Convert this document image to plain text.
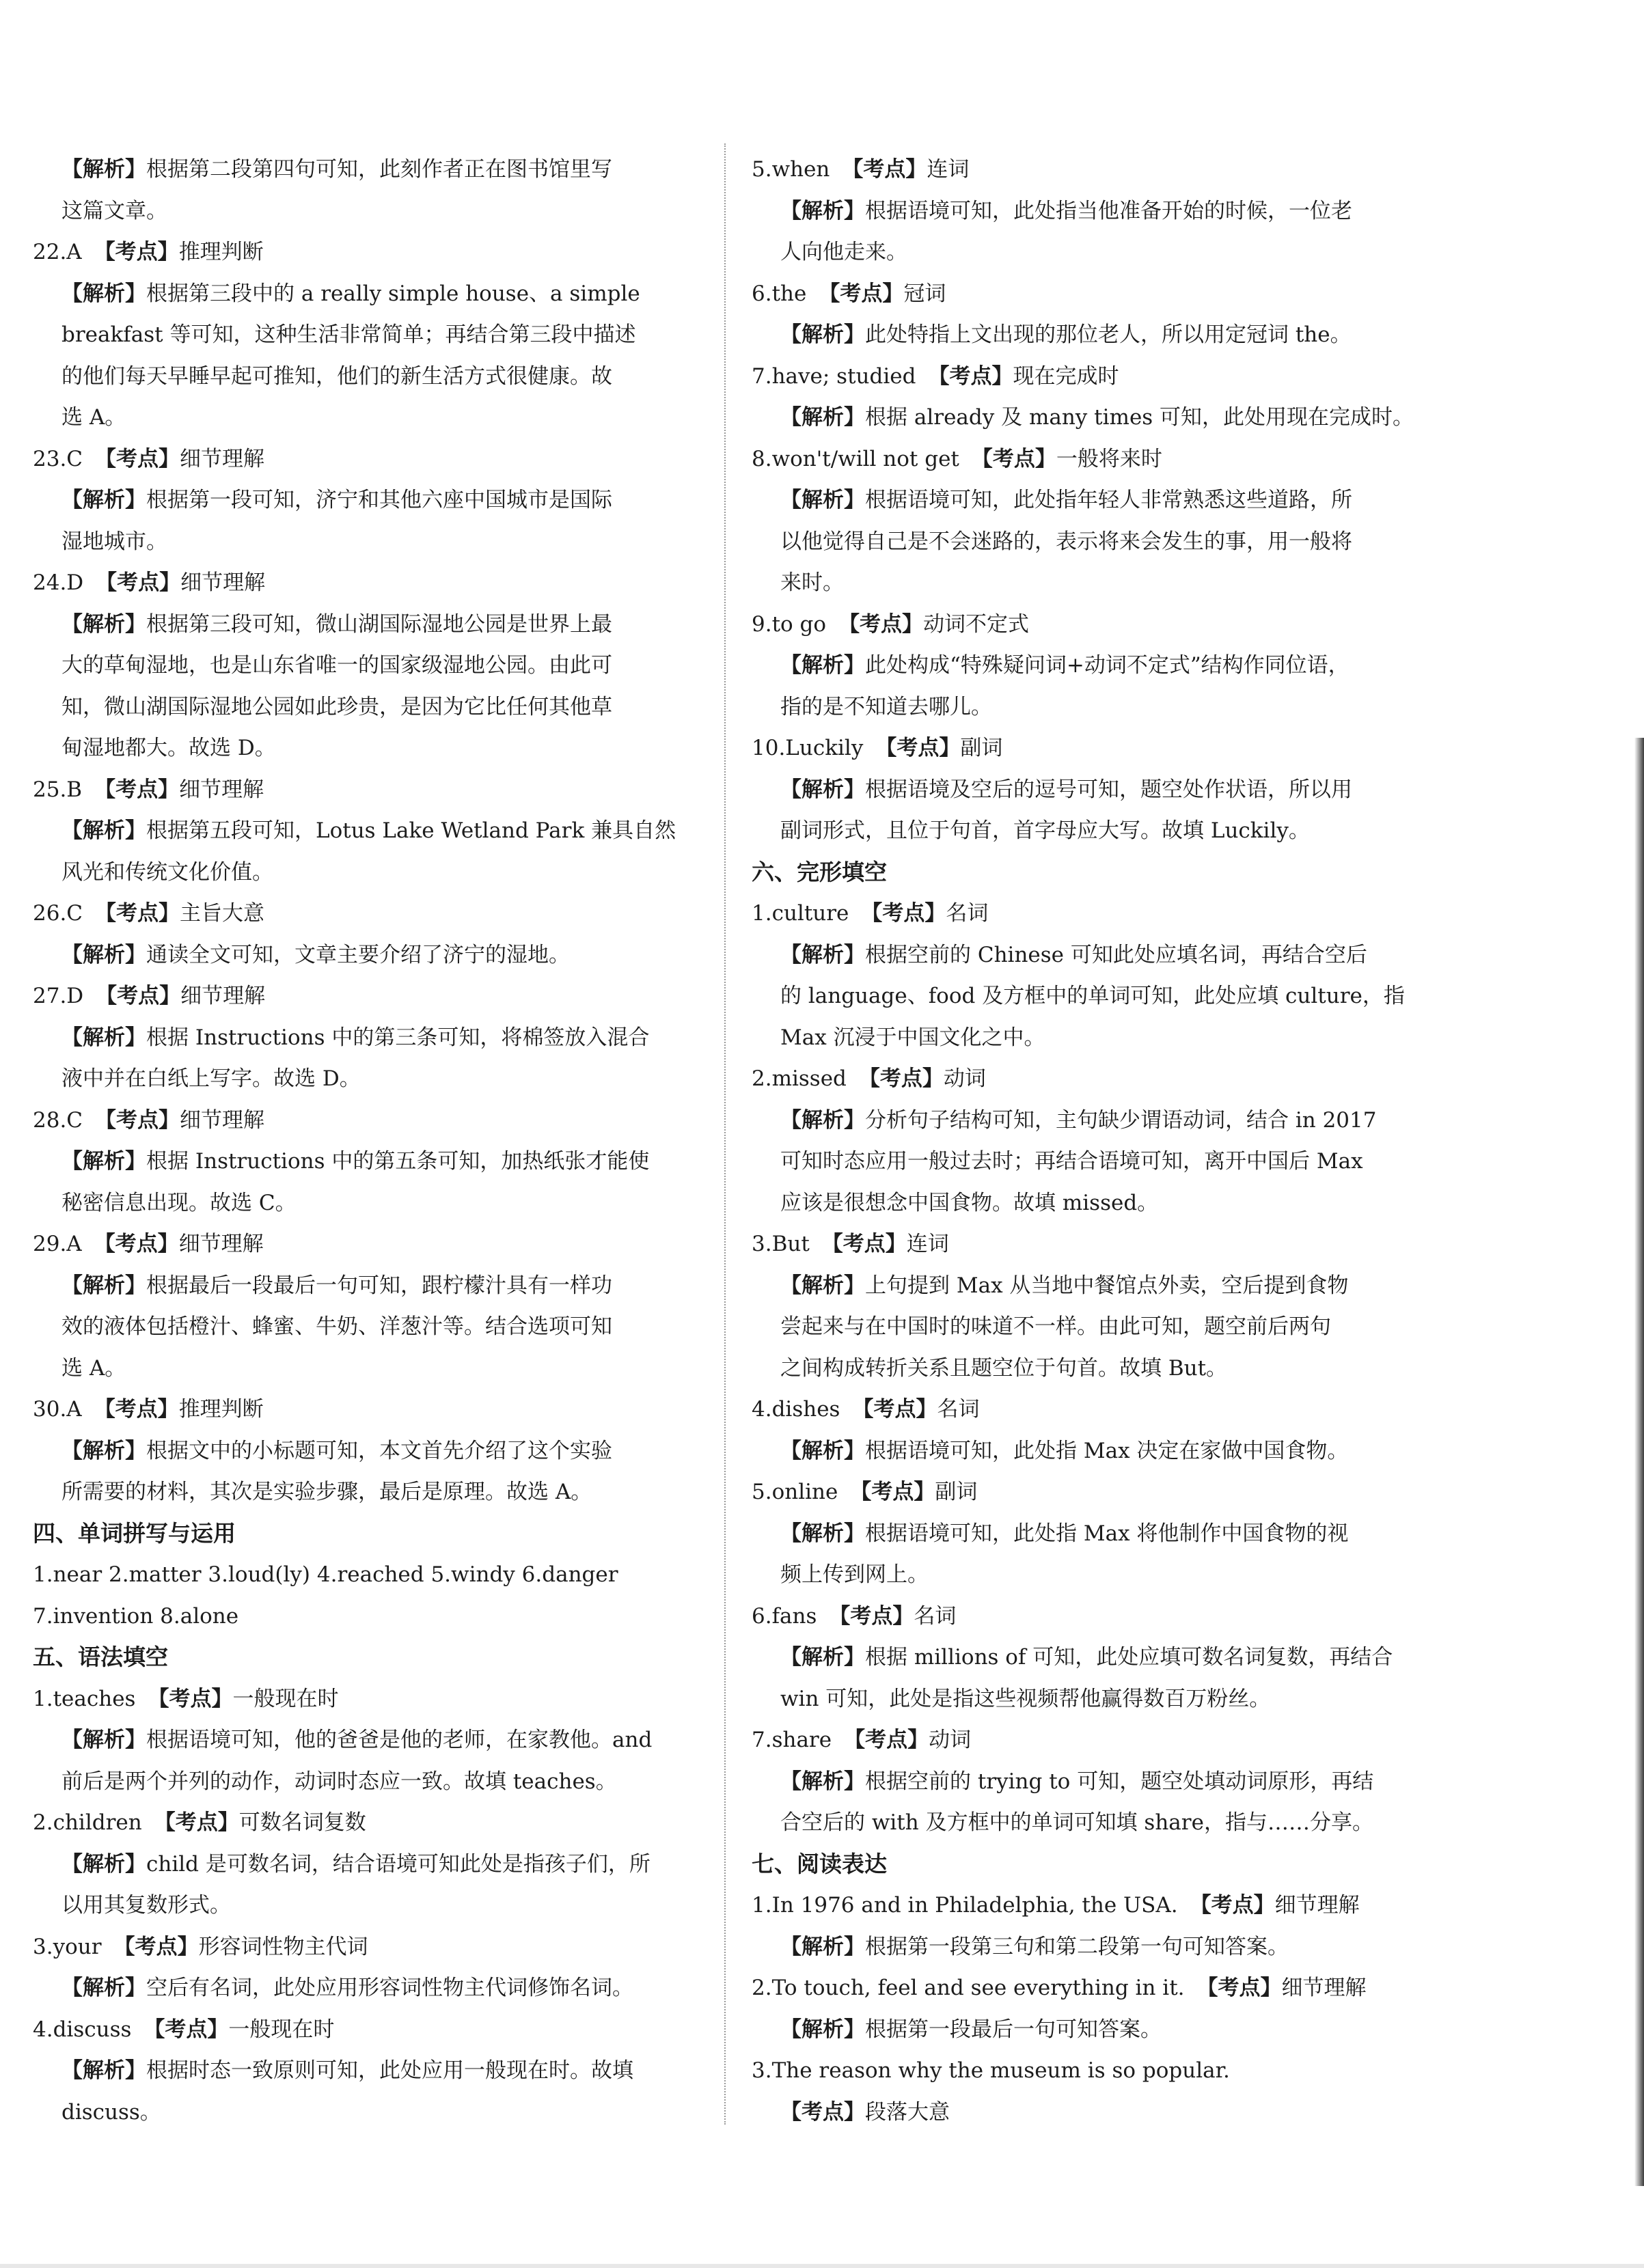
【解析】根据第二段第四句可知，此刻作者正在图书馆里写
这篇文章。
22.A 【考点】推理判断
【解析】根据第三段中的 a really simple house、a simple
breakfast 等可知，这种生活非常简单；再结合第三段中描述
的他们每天早睡早起可推知，他们的新生活方式很健康。故
选 A。
23.C 【考点】细节理解
【解析】根据第一段可知，济宁和其他六座中国城市是国际
湿地城市。
24.D 【考点】细节理解
【解析】根据第三段可知，微山湖国际湿地公园是世界上最
大的草甸湿地，也是山东省唯一的国家级湿地公园。由此可
知，微山湖国际湿地公园如此珍贵，是因为它比任何其他草
甸湿地都大。故选 D。
25.B 【考点】细节理解
【解析】根据第五段可知，Lotus Lake Wetland Park 兼具自然
风光和传统文化价值。
26.C 【考点】主旨大意
【解析】通读全文可知，文章主要介绍了济宁的湿地。
27.D 【考点】细节理解
【解析】根据 Instructions 中的第三条可知，将棉签放入混合
液中并在白纸上写字。故选 D。
28.C 【考点】细节理解
【解析】根据 Instructions 中的第五条可知，加热纸张才能使
秘密信息出现。故选 C。
29.A 【考点】细节理解
【解析】根据最后一段最后一句可知，跟柠檬汁具有一样功
效的液体包括橙汁、蜂蜜、牛奶、洋葱汁等。结合选项可知
选 A。
30.A 【考点】推理判断
【解析】根据文中的小标题可知，本文首先介绍了这个实验
所需要的材料，其次是实验步骤，最后是原理。故选 A。
四、单词拼写与运用
1.near 2.matter 3.loud(ly) 4.reached 5.windy 6.danger
7.invention 8.alone
五、语法填空
1.teaches 【考点】一般现在时
【解析】根据语境可知，他的爸爸是他的老师，在家教他。and
前后是两个并列的动作，动词时态应一致。故填 teaches。
2.children 【考点】可数名词复数
【解析】child 是可数名词，结合语境可知此处是指孩子们，所
以用其复数形式。
3.your 【考点】形容词性物主代词
【解析】空后有名词，此处应用形容词性物主代词修饰名词。
4.discuss 【考点】一般现在时
【解析】根据时态一致原则可知，此处应用一般现在时。故填
discuss。
5.when 【考点】连词
【解析】根据语境可知，此处指当他准备开始的时候，一位老
人向他走来。
6.the 【考点】冠词
【解析】此处特指上文出现的那位老人，所以用定冠词 the。
7.have; studied 【考点】现在完成时
【解析】根据 already 及 many times 可知，此处用现在完成时。
8.won't/will not get 【考点】一般将来时
【解析】根据语境可知，此处指年轻人非常熟悉这些道路，所
以他觉得自己是不会迷路的，表示将来会发生的事，用一般将
来时。
9.to go 【考点】动词不定式
【解析】此处构成“特殊疑问词+动词不定式”结构作同位语，
指的是不知道去哪儿。
10.Luckily 【考点】副词
【解析】根据语境及空后的逗号可知，题空处作状语，所以用
副词形式，且位于句首，首字母应大写。故填 Luckily。
六、完形填空
1.culture 【考点】名词
【解析】根据空前的 Chinese 可知此处应填名词，再结合空后
的 language、food 及方框中的单词可知，此处应填 culture，指
Max 沉浸于中国文化之中。
2.missed 【考点】动词
【解析】分析句子结构可知，主句缺少谓语动词，结合 in 2017
可知时态应用一般过去时；再结合语境可知，离开中国后 Max
应该是很想念中国食物。故填 missed。
3.But 【考点】连词
【解析】上句提到 Max 从当地中餐馆点外卖，空后提到食物
尝起来与在中国时的味道不一样。由此可知，题空前后两句
之间构成转折关系且题空位于句首。故填 But。
4.dishes 【考点】名词
【解析】根据语境可知，此处指 Max 决定在家做中国食物。
5.online 【考点】副词
【解析】根据语境可知，此处指 Max 将他制作中国食物的视
频上传到网上。
6.fans 【考点】名词
【解析】根据 millions of 可知，此处应填可数名词复数，再结合
win 可知，此处是指这些视频帮他赢得数百万粉丝。
7.share 【考点】动词
【解析】根据空前的 trying to 可知，题空处填动词原形，再结
合空后的 with 及方框中的单词可知填 share，指与……分享。
七、阅读表达
1.In 1976 and in Philadelphia, the USA. 【考点】细节理解
【解析】根据第一段第三句和第二段第一句可知答案。
2.To touch, feel and see everything in it. 【考点】细节理解
【解析】根据第一段最后一句可知答案。
3.The reason why the museum is so popular.
【考点】段落大意
